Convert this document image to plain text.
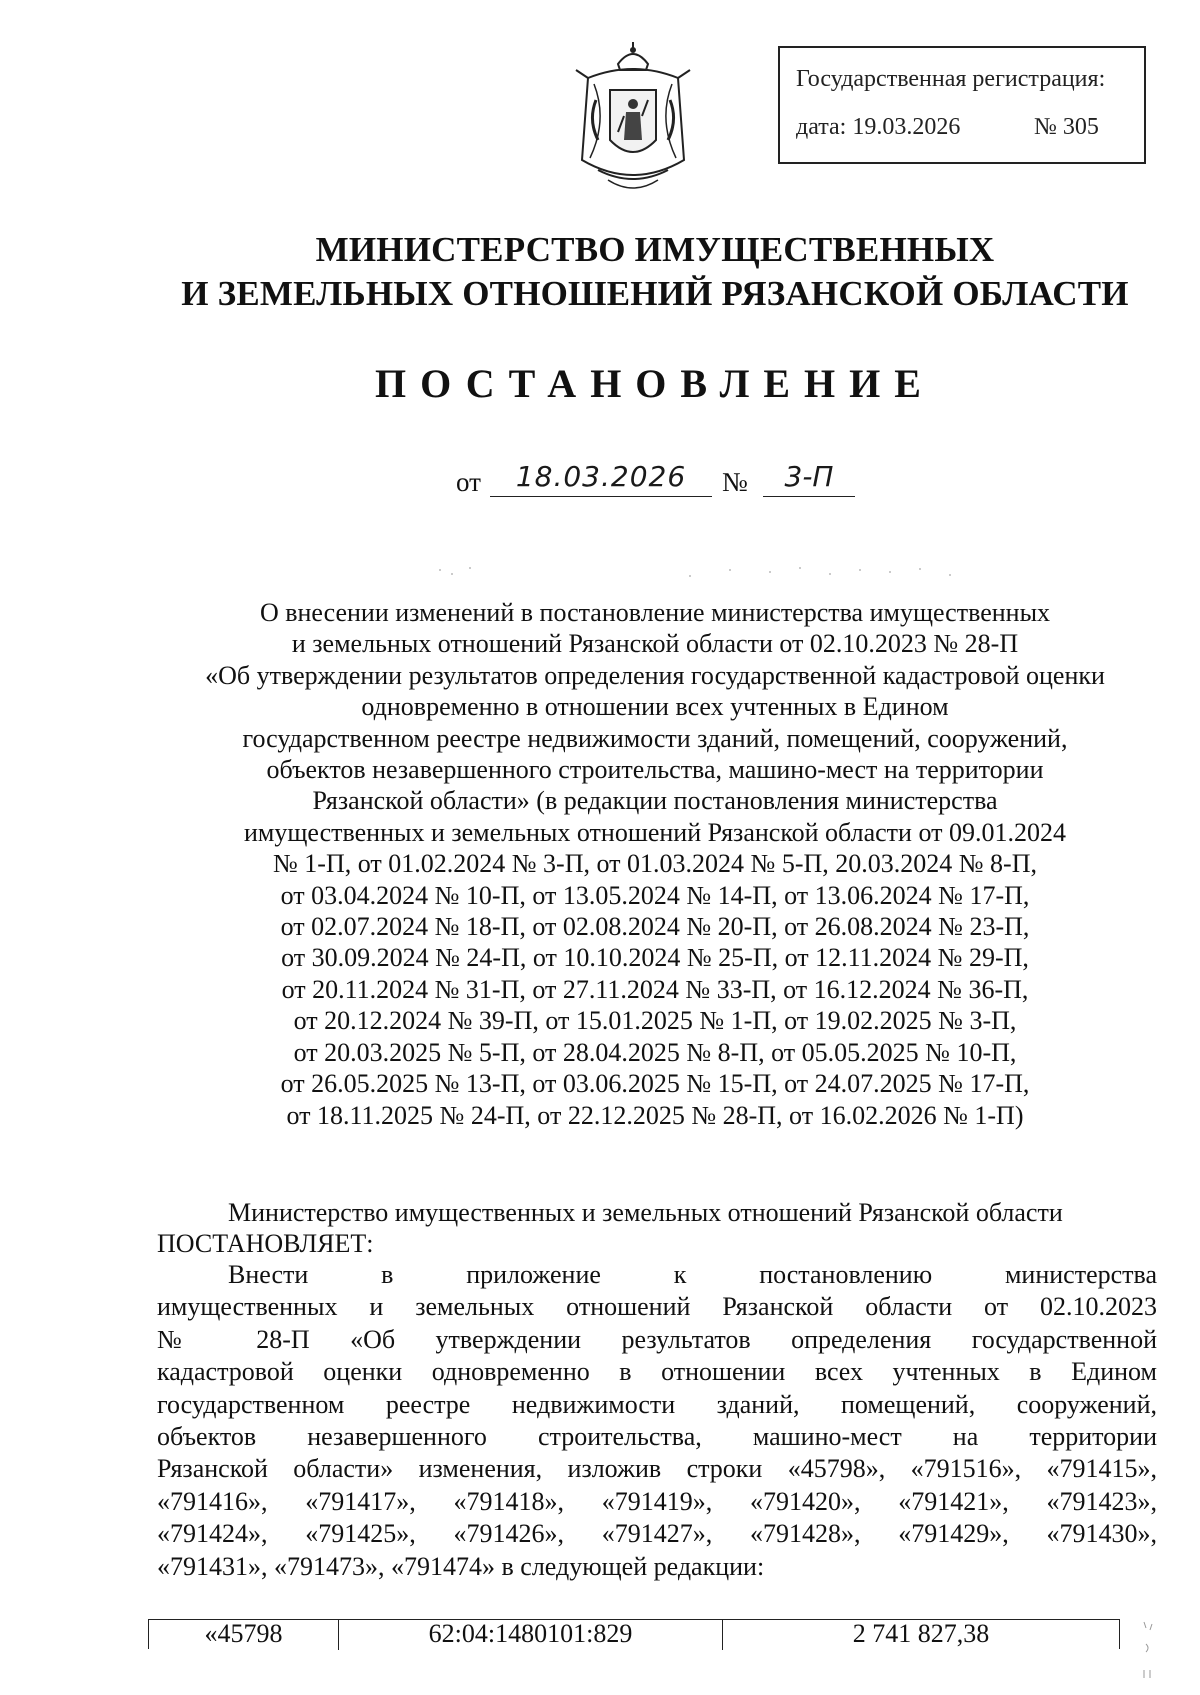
Государственная регистрация:
дата: 19.03.2026	№ 305
МИНИСТЕРСТВО ИМУЩЕСТВЕННЫХ
И ЗЕМЕЛЬНЫХ ОТНОШЕНИЙ РЯЗАНСКОЙ ОБЛАСТИ
ПОСТАНОВЛЕНИЕ
от	18.03.2026	№	3-П
О внесении изменений в постановление министерства имущественных
и земельных отношений Рязанской области от 02.10.2023 № 28-П
«Об утверждении результатов определения государственной кадастровой оценки
одновременно в отношении всех учтенных в Едином
государственном реестре недвижимости зданий, помещений, сооружений,
объектов незавершенного строительства, машино-мест на территории
Рязанской области» (в редакции постановления министерства
имущественных и земельных отношений Рязанской области от 09.01.2024
№ 1-П, от 01.02.2024 № 3-П, от 01.03.2024 № 5-П, 20.03.2024 № 8-П,
от 03.04.2024 № 10-П, от 13.05.2024 № 14-П, от 13.06.2024 № 17-П,
от 02.07.2024 № 18-П, от 02.08.2024 № 20-П, от 26.08.2024 № 23-П,
от 30.09.2024 № 24-П, от 10.10.2024 № 25-П, от 12.11.2024 № 29-П,
от 20.11.2024 № 31-П, от 27.11.2024 № 33-П, от 16.12.2024 № 36-П,
от 20.12.2024 № 39-П, от 15.01.2025 № 1-П, от 19.02.2025 № 3-П,
от 20.03.2025 № 5-П, от 28.04.2025 № 8-П, от 05.05.2025 № 10-П,
от 26.05.2025 № 13-П, от 03.06.2025 № 15-П, от 24.07.2025 № 17-П,
от 18.11.2025 № 24-П, от 22.12.2025 № 28-П, от 16.02.2026 № 1-П)
Министерство имущественных и земельных отношений Рязанской области
ПОСТАНОВЛЯЕТ:
Внести в приложение к постановлению министерства
имущественных и земельных отношений Рязанской области от 02.10.2023
№ 28-П «Об утверждении результатов определения государственной
кадастровой оценки одновременно в отношении всех учтенных в Едином
государственном реестре недвижимости зданий, помещений, сооружений,
объектов незавершенного строительства, машино-мест на территории
Рязанской области» изменения, изложив строки «45798», «791516», «791415»,
«791416», «791417», «791418», «791419», «791420», «791421», «791423»,
«791424», «791425», «791426», «791427», «791428», «791429», «791430»,
«791431», «791473», «791474» в следующей редакции:
«45798	62:04:1480101:829	2 741 827,38
